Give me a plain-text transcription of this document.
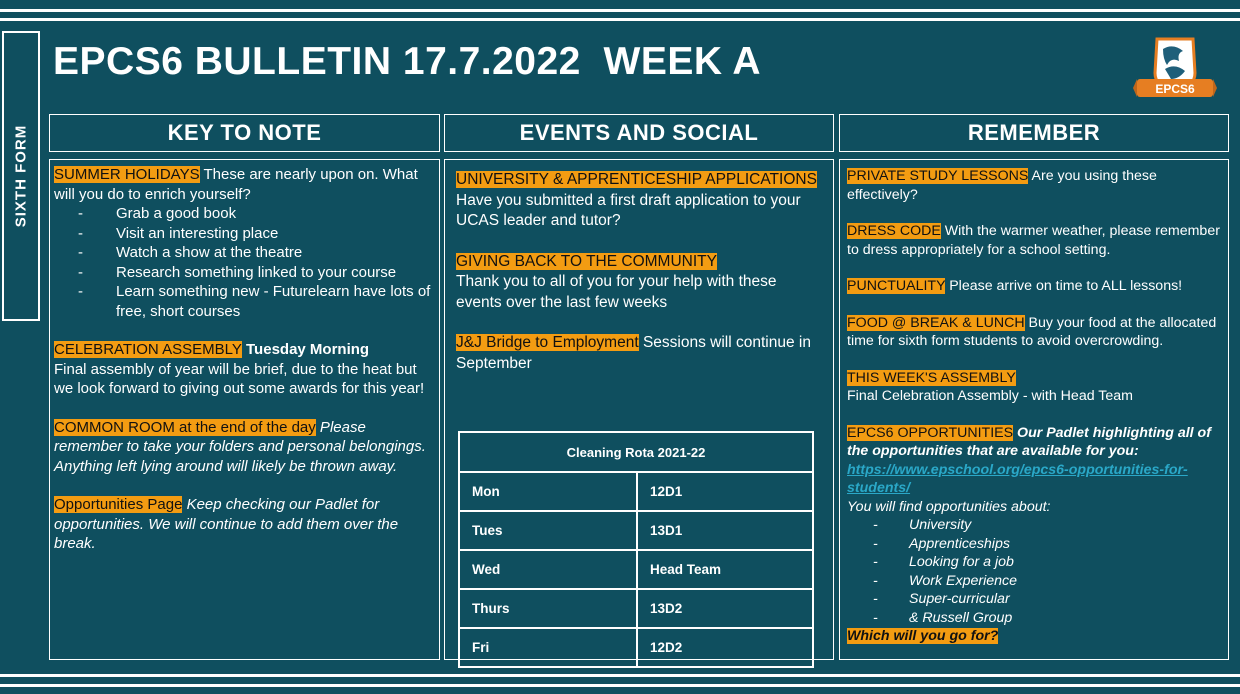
SIXTH FORM
EPCS6 BULLETIN 17.7.2022  WEEK A
EPCS6
KEY TO NOTE	EVENTS AND SOCIAL	REMEMBER
SUMMER HOLIDAYS These are nearly upon on. What will you do to enrich yourself?
- Grab a good book
- Visit an interesting place
- Watch a show at the theatre
- Research something linked to your course
- Learn something new - Futurelearn have lots of free, short courses
CELEBRATION ASSEMBLY Tuesday Morning
Final assembly of year will be brief, due to the heat but we look forward to giving out some awards for this year!
COMMON ROOM at the end of the day Please remember to take your folders and personal belongings. Anything left lying around will likely be thrown away.
Opportunities Page Keep checking our Padlet for opportunities. We will continue to add them over the break.
UNIVERSITY & APPRENTICESHIP APPLICATIONS Have you submitted a first draft application to your UCAS leader and tutor?
GIVING BACK TO THE COMMUNITY
Thank you to all of you for your help with these events over the last few weeks
J&J Bridge to Employment Sessions will continue in September
Cleaning Rota 2021-22	
Mon	12D1
Tues	13D1
Wed	Head Team
Thurs	13D2
Fri	12D2
PRIVATE STUDY LESSONS Are you using these effectively?
DRESS CODE With the warmer weather, please remember to dress appropriately for a school setting.
PUNCTUALITY Please arrive on time to ALL lessons!
FOOD @ BREAK & LUNCH Buy your food at the allocated time for sixth form students to avoid overcrowding.
THIS WEEK'S ASSEMBLY
Final Celebration Assembly - with Head Team
EPCS6 OPPORTUNITIES Our Padlet highlighting all of the opportunities that are available for you:
https://www.epschool.org/epcs6-opportunities-for-students/
You will find opportunities about:
- University
- Apprenticeships
- Looking for a job
- Work Experience
- Super-curricular
- & Russell Group
Which will you go for?
